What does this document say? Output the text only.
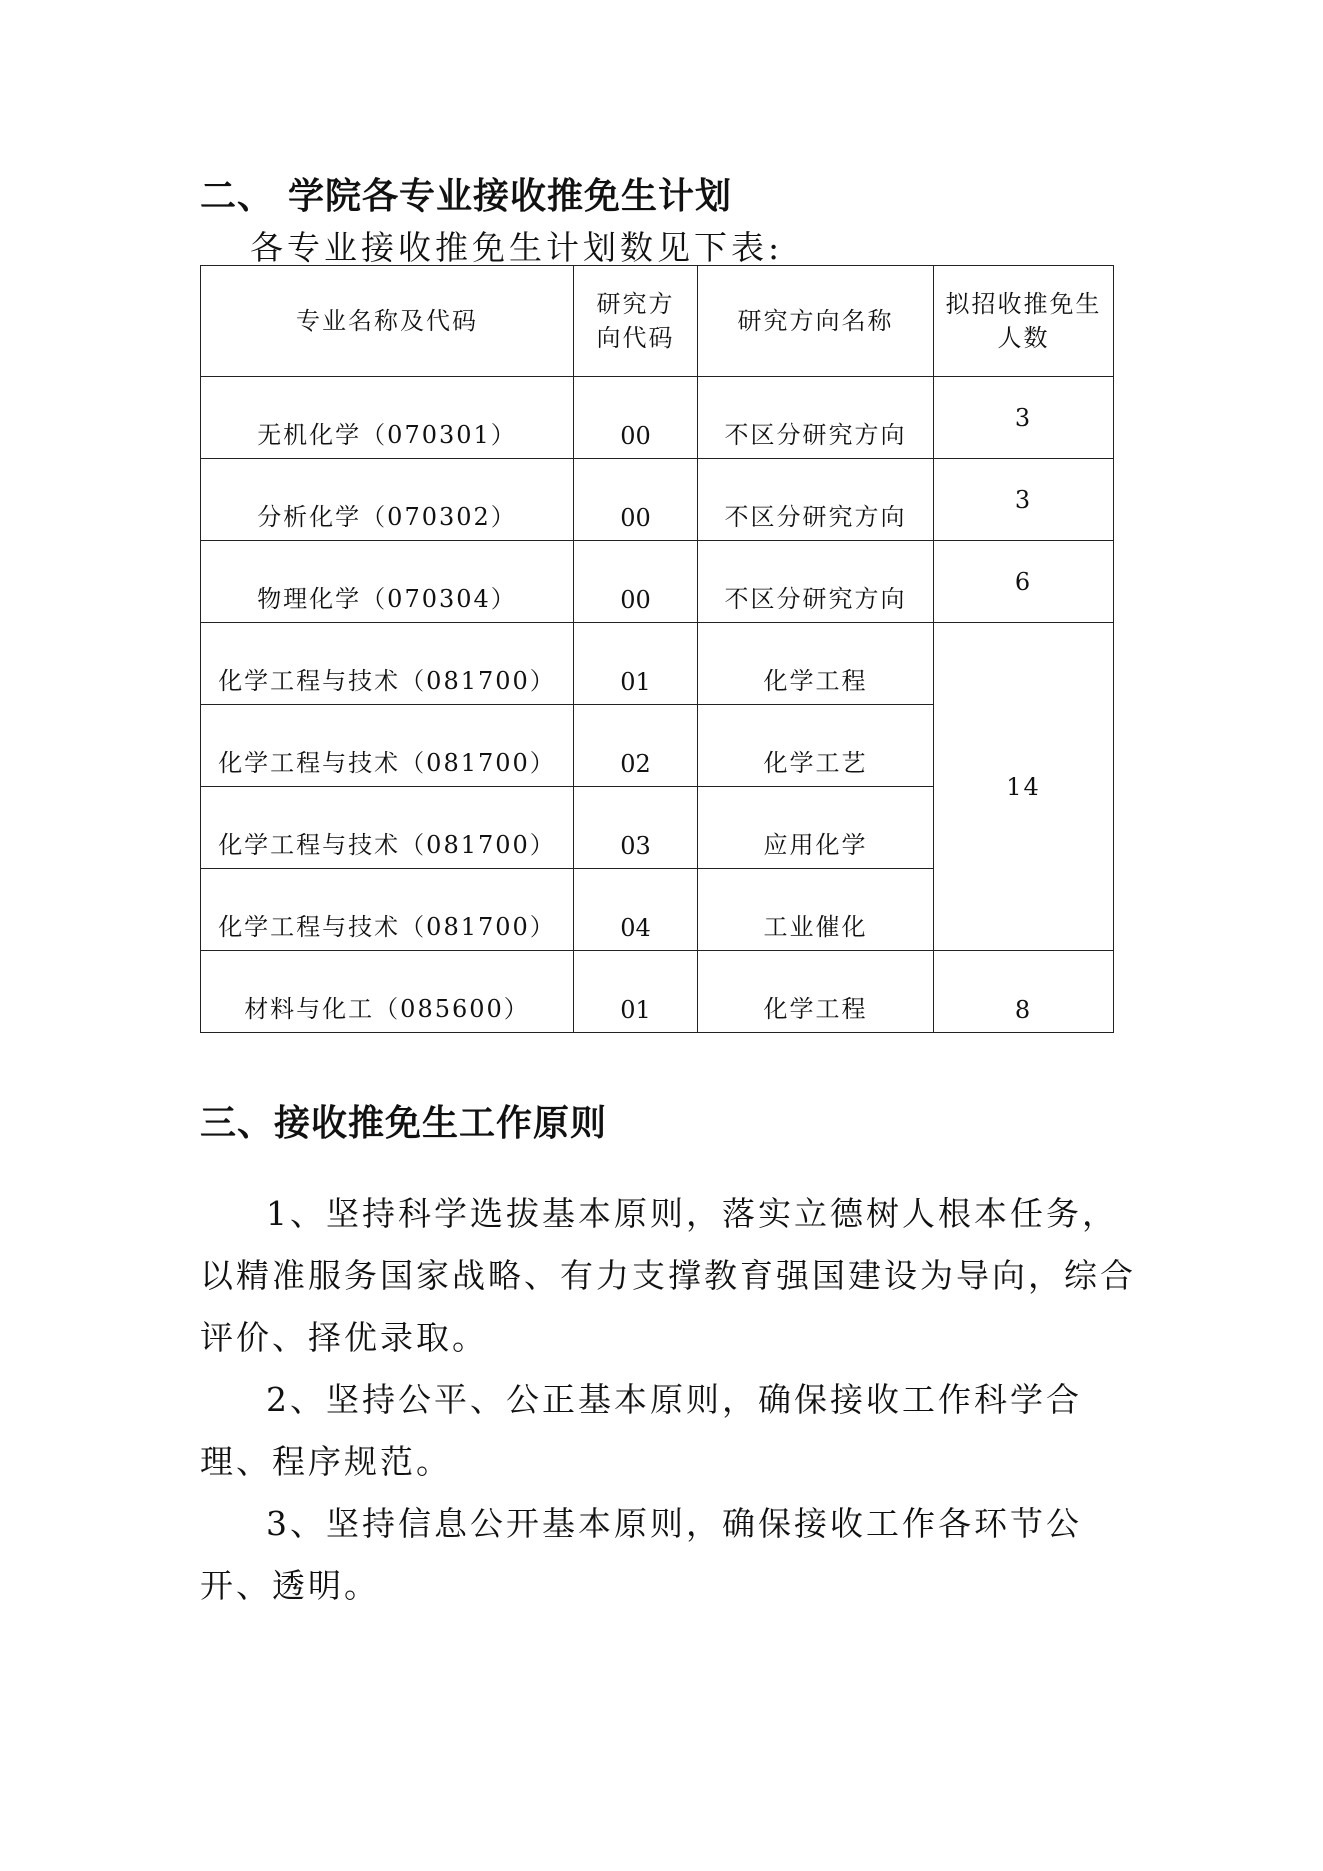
二、 学院各专业接收推免生计划
各专业接收推免生计划数见下表:
专业名称及代码	研究方向代码	研究方向名称	拟招收推免生人数
无机化学（070301）	00	不区分研究方向	3
分析化学（070302）	00	不区分研究方向	3
物理化学（070304）	00	不区分研究方向	6
化学工程与技术（081700）	01	化学工程	14
化学工程与技术（081700）	02	化学工艺	
化学工程与技术（081700）	03	应用化学	
化学工程与技术（081700）	04	工业催化	
材料与化工（085600）	01	化学工程	8
三、接收推免生工作原则

1、坚持科学选拔基本原则，落实立德树人根本任务，以精准服务国家战略、有力支撑教育强国建设为导向，综合评价、择优录取。

2、坚持公平、公正基本原则，确保接收工作科学合理、程序规范。

3、坚持信息公开基本原则，确保接收工作各环节公开、透明。
